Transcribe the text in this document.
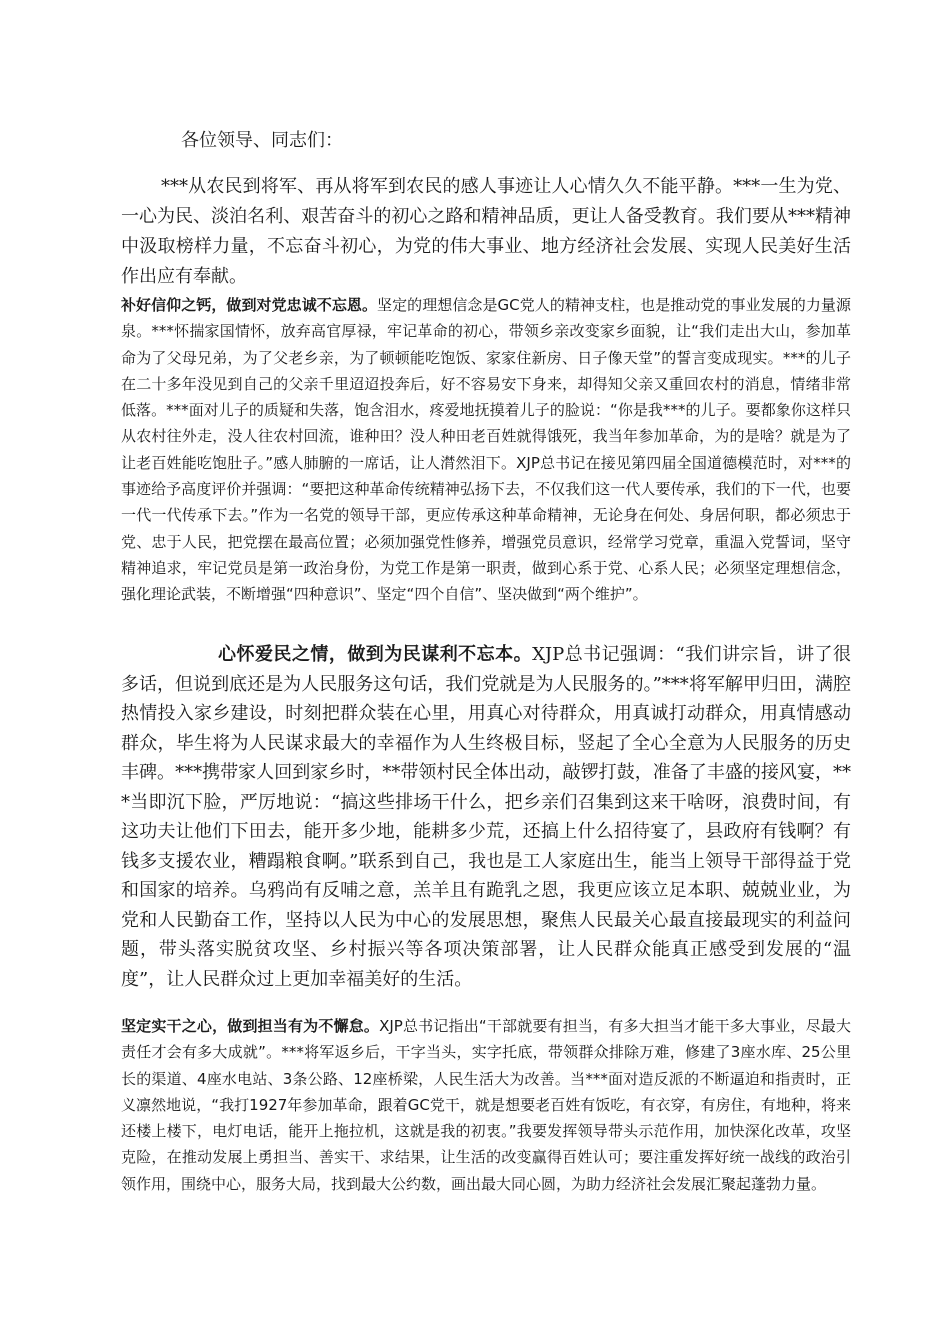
各位领导、同志们：

***从农民到将军、再从将军到农民的感人事迹让人心情久久不能平静。***一生为党、一心为民、淡泊名利、艰苦奋斗的初心之路和精神品质，更让人备受教育。我们要从***精神中汲取榜样力量，不忘奋斗初心，为党的伟大事业、地方经济社会发展、实现人民美好生活作出应有奉献。

补好信仰之钙，做到对党忠诚不忘恩。坚定的理想信念是GC党人的精神支柱，也是推动党的事业发展的力量源泉。***怀揣家国情怀，放弃高官厚禄，牢记革命的初心，带领乡亲改变家乡面貌，让“我们走出大山，参加革命为了父母兄弟，为了父老乡亲，为了顿顿能吃饱饭、家家住新房、日子像天堂”的誓言变成现实。***的儿子在二十多年没见到自己的父亲千里迢迢投奔后，好不容易安下身来，却得知父亲又重回农村的消息，情绪非常低落。***面对儿子的质疑和失落，饱含泪水，疼爱地抚摸着儿子的脸说：“你是我***的儿子。要都象你这样只从农村往外走，没人往农村回流，谁种田？没人种田老百姓就得饿死，我当年参加革命，为的是啥？就是为了让老百姓能吃饱肚子。”感人肺腑的一席话，让人潸然泪下。XJP总书记在接见第四届全国道德模范时，对***的事迹给予高度评价并强调：“要把这种革命传统精神弘扬下去，不仅我们这一代人要传承，我们的下一代，也要一代一代传承下去。”作为一名党的领导干部，更应传承这种革命精神，无论身在何处、身居何职，都必须忠于党、忠于人民，把党摆在最高位置；必须加强党性修养，增强党员意识，经常学习党章，重温入党誓词，坚守精神追求，牢记党员是第一政治身份，为党工作是第一职责，做到心系于党、心系人民；必须坚定理想信念，强化理论武装，不断增强“四种意识”、坚定“四个自信”、坚决做到“两个维护”。

心怀爱民之情，做到为民谋利不忘本。XJP总书记强调：“我们讲宗旨，讲了很多话，但说到底还是为人民服务这句话，我们党就是为人民服务的。”***将军解甲归田，满腔热情投入家乡建设，时刻把群众装在心里，用真心对待群众，用真诚打动群众，用真情感动群众，毕生将为人民谋求最大的幸福作为人生终极目标，竖起了全心全意为人民服务的历史丰碑。***携带家人回到家乡时，**带领村民全体出动，敲锣打鼓，准备了丰盛的接风宴，***当即沉下脸，严厉地说：“搞这些排场干什么，把乡亲们召集到这来干啥呀，浪费时间，有这功夫让他们下田去，能开多少地，能耕多少荒，还搞上什么招待宴了，县政府有钱啊？有钱多支援农业，糟蹋粮食啊。”联系到自己，我也是工人家庭出生，能当上领导干部得益于党和国家的培养。乌鸦尚有反哺之意，羔羊且有跪乳之恩，我更应该立足本职、兢兢业业，为党和人民勤奋工作，坚持以人民为中心的发展思想，聚焦人民最关心最直接最现实的利益问题，带头落实脱贫攻坚、乡村振兴等各项决策部署，让人民群众能真正感受到发展的“温度”，让人民群众过上更加幸福美好的生活。

坚定实干之心，做到担当有为不懈怠。XJP总书记指出“干部就要有担当，有多大担当才能干多大事业，尽最大责任才会有多大成就”。***将军返乡后，干字当头，实字托底，带领群众排除万难，修建了3座水库、25公里长的渠道、4座水电站、3条公路、12座桥梁，人民生活大为改善。当***面对造反派的不断逼迫和指责时，正义凛然地说，“我打1927年参加革命，跟着GC党干，就是想要老百姓有饭吃，有衣穿，有房住，有地种，将来还楼上楼下，电灯电话，能开上拖拉机，这就是我的初衷。”我要发挥领导带头示范作用，加快深化改革，攻坚克险，在推动发展上勇担当、善实干、求结果，让生活的改变赢得百姓认可；要注重发挥好统一战线的政治引领作用，围绕中心，服务大局，找到最大公约数，画出最大同心圆，为助力经济社会发展汇聚起蓬勃力量。
